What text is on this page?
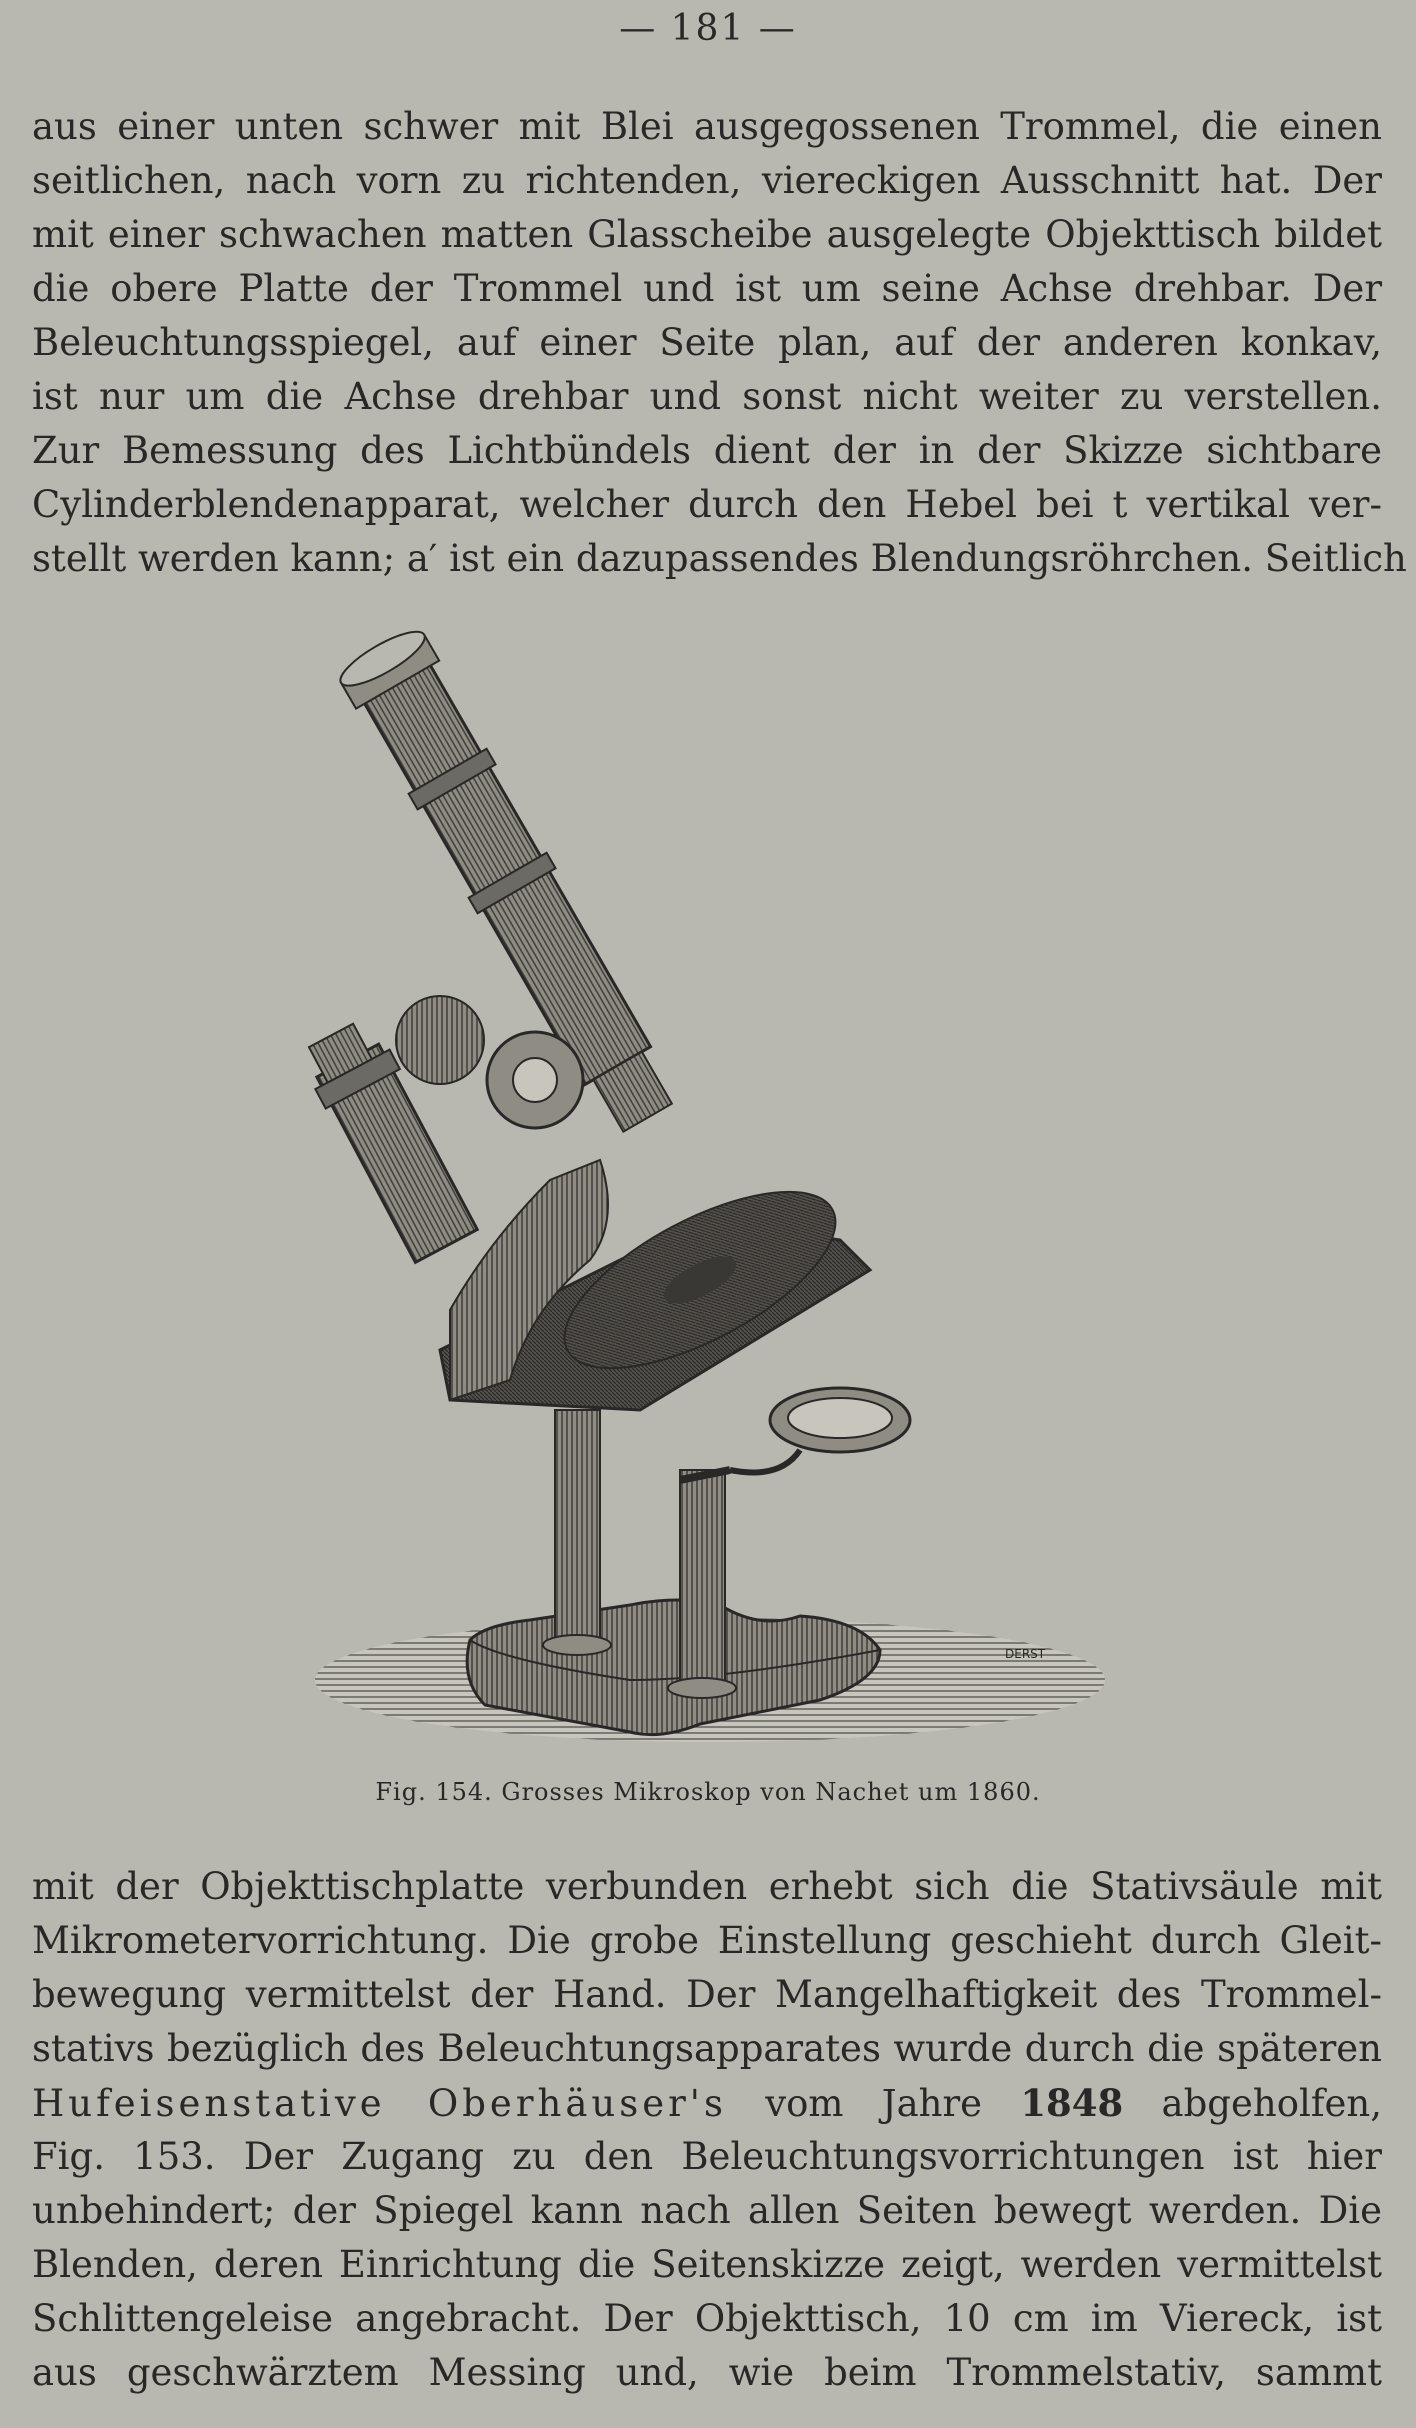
— 181 —
aus einer unten schwer mit Blei ausgegossenen Trommel, die einen
seitlichen, nach vorn zu richtenden, viereckigen Ausschnitt hat. Der
mit einer schwachen matten Glasscheibe ausgelegte Objekttisch bildet
die obere Platte der Trommel und ist um seine Achse drehbar. Der
Beleuchtungsspiegel, auf einer Seite plan, auf der anderen konkav,
ist nur um die Achse drehbar und sonst nicht weiter zu verstellen.
Zur Bemessung des Lichtbündels dient der in der Skizze sichtbare
Cylinderblendenapparat, welcher durch den Hebel bei t vertikal ver-
stellt werden kann; a′ ist ein dazupassendes Blendungsröhrchen. Seitlich
DERST
Fig. 154. Grosses Mikroskop von Nachet um 1860.
mit der Objekttischplatte verbunden erhebt sich die Stativsäule mit
Mikrometervorrichtung. Die grobe Einstellung geschieht durch Gleit-
bewegung vermittelst der Hand. Der Mangelhaftigkeit des Trommel-
stativs bezüglich des Beleuchtungsapparates wurde durch die späteren
Hufeisenstative Oberhäuser's vom Jahre 1848 abgeholfen,
Fig. 153. Der Zugang zu den Beleuchtungsvorrichtungen ist hier
unbehindert; der Spiegel kann nach allen Seiten bewegt werden. Die
Blenden, deren Einrichtung die Seitenskizze zeigt, werden vermittelst
Schlittengeleise angebracht. Der Objekttisch, 10 cm im Viereck, ist
aus geschwärztem Messing und, wie beim Trommelstativ, sammt
